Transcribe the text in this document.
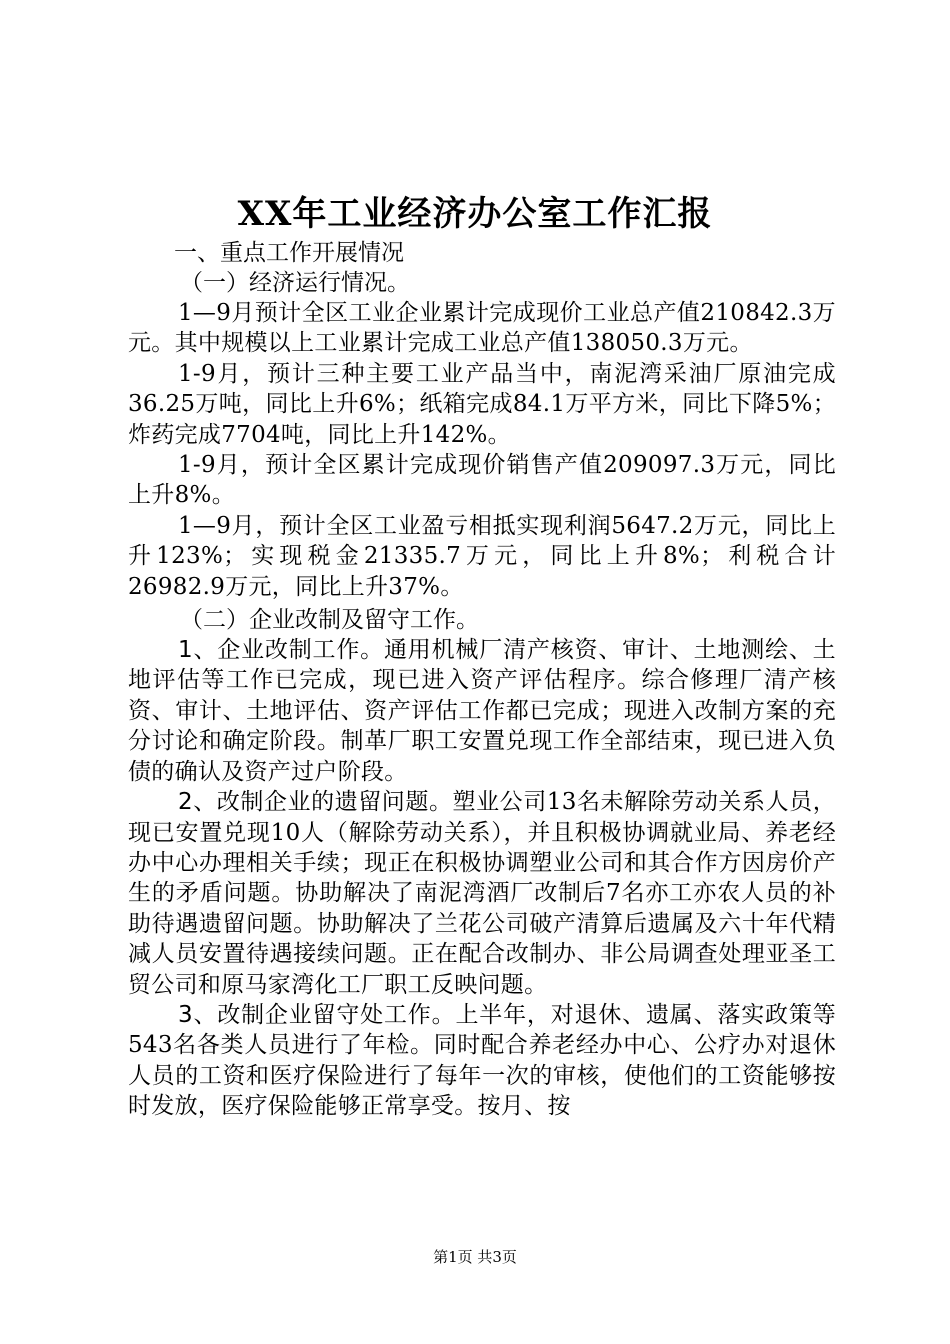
XX年工业经济办公室工作汇报
一、重点工作开展情况
（一）经济运行情况。

1—9月预计全区工业企业累计完成现价工业总产值210842.3万元。其中规模以上工业累计完成工业总产值138050.3万元。

1-9月，预计三种主要工业产品当中，南泥湾采油厂原油完成36.25万吨，同比上升6%；纸箱完成84.1万平方米，同比下降5%；炸药完成7704吨，同比上升142%。

1-9月，预计全区累计完成现价销售产值209097.3万元，同比上升8%。

1—9月，预计全区工业盈亏相抵实现利润5647.2万元，同比上升123%；实现税金21335.7万元，同比上升8%；利税合计26982.9万元，同比上升37%。

（二）企业改制及留守工作。

1、企业改制工作。通用机械厂清产核资、审计、土地测绘、土地评估等工作已完成，现已进入资产评估程序。综合修理厂清产核资、审计、土地评估、资产评估工作都已完成；现进入改制方案的充分讨论和确定阶段。制革厂职工安置兑现工作全部结束，现已进入负债的确认及资产过户阶段。

2、改制企业的遗留问题。塑业公司13名未解除劳动关系人员，现已安置兑现10人（解除劳动关系），并且积极协调就业局、养老经办中心办理相关手续；现正在积极协调塑业公司和其合作方因房价产生的矛盾问题。协助解决了南泥湾酒厂改制后7名亦工亦农人员的补助待遇遗留问题。协助解决了兰花公司破产清算后遗属及六十年代精减人员安置待遇接续问题。正在配合改制办、非公局调查处理亚圣工贸公司和原马家湾化工厂职工反映问题。

3、改制企业留守处工作。上半年，对退休、遗属、落实政策等543名各类人员进行了年检。同时配合养老经办中心、公疗办对退休人员的工资和医疗保险进行了每年一次的审核，使他们的工资能够按时发放，医疗保险能够正常享受。按月、按

第1页 共3页
